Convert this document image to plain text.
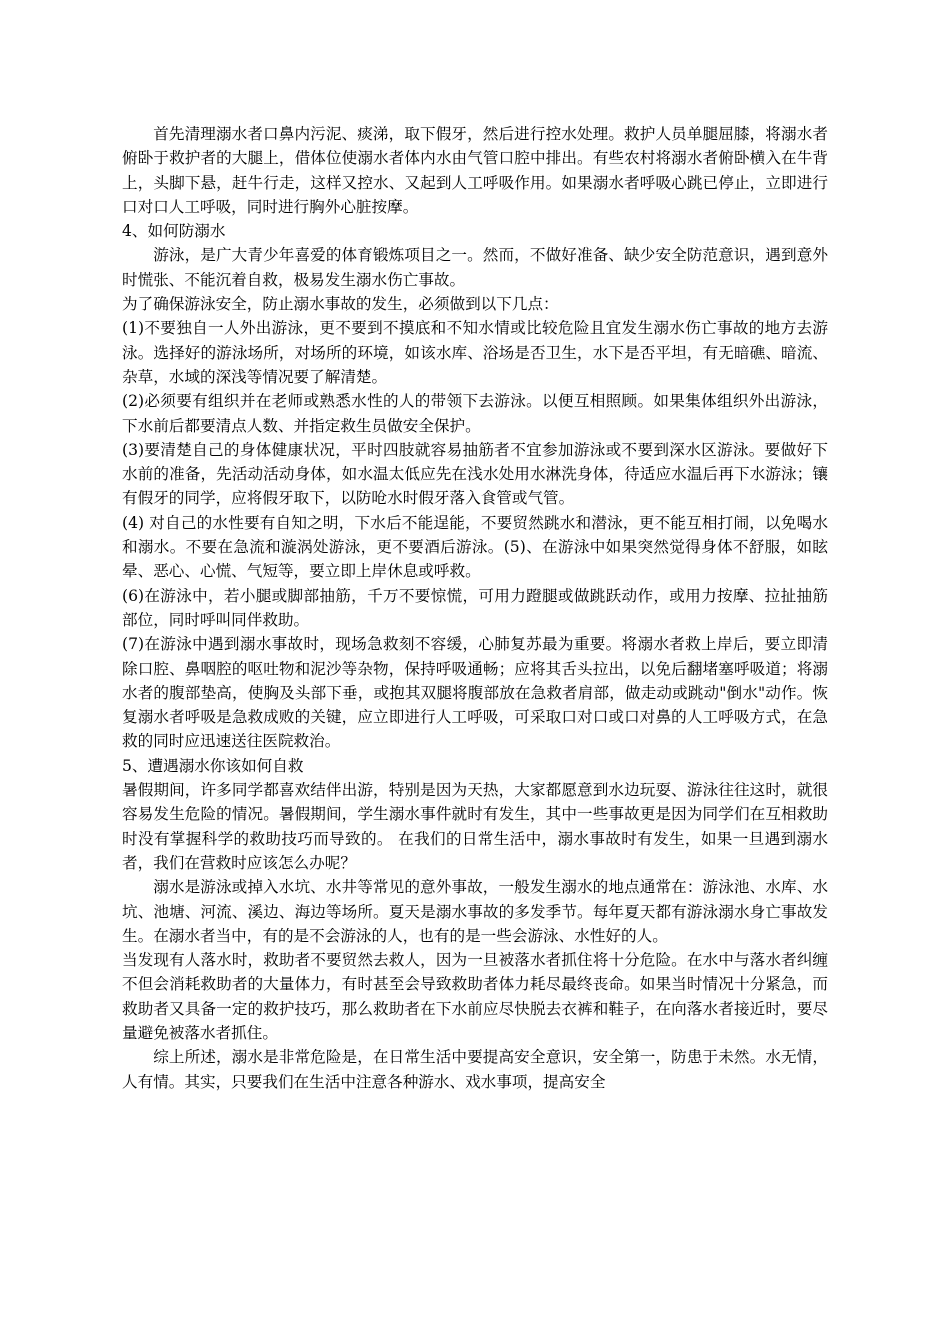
首先清理溺水者口鼻内污泥、痰涕，取下假牙，然后进行控水处理。救护人员单腿屈膝，将溺水者俯卧于救护者的大腿上，借体位使溺水者体内水由气管口腔中排出。有些农村将溺水者俯卧横入在牛背上，头脚下悬，赶牛行走，这样又控水、又起到人工呼吸作用。如果溺水者呼吸心跳已停止，立即进行口对口人工呼吸，同时进行胸外心脏按摩。

4、如何防溺水

游泳，是广大青少年喜爱的体育锻炼项目之一。然而，不做好准备、缺少安全防范意识，遇到意外时慌张、不能沉着自救，极易发生溺水伤亡事故。

为了确保游泳安全，防止溺水事故的发生，必须做到以下几点：

(1)不要独自一人外出游泳，更不要到不摸底和不知水情或比较危险且宜发生溺水伤亡事故的地方去游泳。选择好的游泳场所，对场所的环境，如该水库、浴场是否卫生，水下是否平坦，有无暗礁、暗流、杂草，水域的深浅等情况要了解清楚。

(2)必须要有组织并在老师或熟悉水性的人的带领下去游泳。以便互相照顾。如果集体组织外出游泳，下水前后都要清点人数、并指定救生员做安全保护。

(3)要清楚自己的身体健康状况，平时四肢就容易抽筋者不宜参加游泳或不要到深水区游泳。要做好下水前的准备，先活动活动身体，如水温太低应先在浅水处用水淋洗身体，待适应水温后再下水游泳；镶有假牙的同学，应将假牙取下，以防呛水时假牙落入食管或气管。

(4) 对自己的水性要有自知之明，下水后不能逞能，不要贸然跳水和潜泳，更不能互相打闹，以免喝水和溺水。不要在急流和漩涡处游泳，更不要酒后游泳。(5)、在游泳中如果突然觉得身体不舒服，如眩晕、恶心、心慌、气短等，要立即上岸休息或呼救。

(6)在游泳中，若小腿或脚部抽筋，千万不要惊慌，可用力蹬腿或做跳跃动作，或用力按摩、拉扯抽筋部位，同时呼叫同伴救助。

(7)在游泳中遇到溺水事故时，现场急救刻不容缓，心肺复苏最为重要。将溺水者救上岸后，要立即清除口腔、鼻咽腔的呕吐物和泥沙等杂物，保持呼吸通畅；应将其舌头拉出，以免后翻堵塞呼吸道；将溺水者的腹部垫高，使胸及头部下垂，或抱其双腿将腹部放在急救者肩部，做走动或跳动"倒水"动作。恢复溺水者呼吸是急救成败的关键，应立即进行人工呼吸，可采取口对口或口对鼻的人工呼吸方式，在急救的同时应迅速送往医院救治。

5、遭遇溺水你该如何自救

暑假期间，许多同学都喜欢结伴出游，特别是因为天热，大家都愿意到水边玩耍、游泳往往这时，就很容易发生危险的情况。暑假期间，学生溺水事件就时有发生，其中一些事故更是因为同学们在互相救助时没有掌握科学的救助技巧而导致的。 在我们的日常生活中，溺水事故时有发生，如果一旦遇到溺水者，我们在营救时应该怎么办呢？

溺水是游泳或掉入水坑、水井等常见的意外事故，一般发生溺水的地点通常在：游泳池、水库、水坑、池塘、河流、溪边、海边等场所。夏天是溺水事故的多发季节。每年夏天都有游泳溺水身亡事故发生。在溺水者当中，有的是不会游泳的人，也有的是一些会游泳、水性好的人。

当发现有人落水时，救助者不要贸然去救人，因为一旦被落水者抓住将十分危险。在水中与落水者纠缠不但会消耗救助者的大量体力，有时甚至会导致救助者体力耗尽最终丧命。如果当时情况十分紧急，而救助者又具备一定的救护技巧，那么救助者在下水前应尽快脱去衣裤和鞋子，在向落水者接近时，要尽量避免被落水者抓住。

综上所述，溺水是非常危险是，在日常生活中要提高安全意识，安全第一，防患于未然。水无情，人有情。其实，只要我们在生活中注意各种游水、戏水事项，提高安全
